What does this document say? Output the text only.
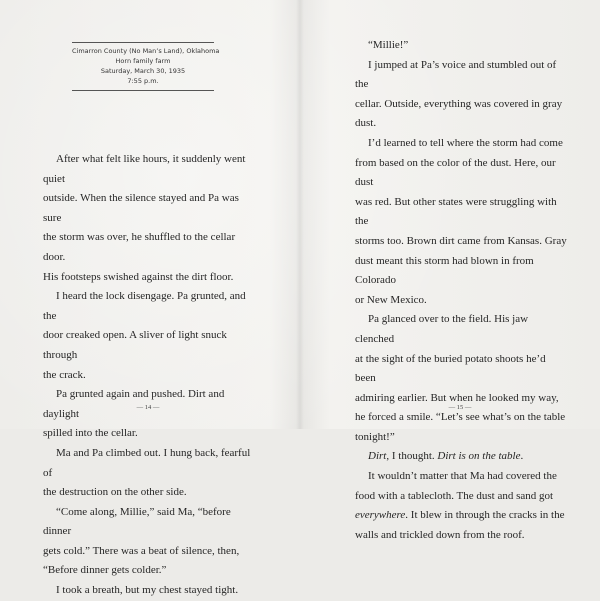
Cimarron County (No Man’s Land), Oklahoma
Horn family farm
Saturday, March 30, 1935
7:55 p.m.

After what felt like hours, it suddenly went quiet
outside. When the silence stayed and Pa was sure
the storm was over, he shuffled to the cellar door.
His footsteps swished against the dirt floor.

I heard the lock disengage. Pa grunted, and the
door creaked open. A sliver of light snuck through
the crack.

Pa grunted again and pushed. Dirt and daylight
spilled into the cellar.

Ma and Pa climbed out. I hung back, fearful of
the destruction on the other side.

“Come along, Millie,” said Ma, “before dinner
gets cold.” There was a beat of silence, then,
“Before dinner gets colder.”

I took a breath, but my chest stayed tight.

— 14 —

“Millie!”

I jumped at Pa’s voice and stumbled out of the
cellar. Outside, everything was covered in gray dust.

I’d learned to tell where the storm had come
from based on the color of the dust. Here, our dust
was red. But other states were struggling with the
storms too. Brown dirt came from Kansas. Gray
dust meant this storm had blown in from Colorado
or New Mexico.

Pa glanced over to the field. His jaw clenched
at the sight of the buried potato shoots he’d been
admiring earlier. But when he looked my way,
he forced a smile. “Let’s see what’s on the table
tonight!”

Dirt, I thought. Dirt is on the table.

It wouldn’t matter that Ma had covered the
food with a tablecloth. The dust and sand got
everywhere. It blew in through the cracks in the
walls and trickled down from the roof.

— 15 —
